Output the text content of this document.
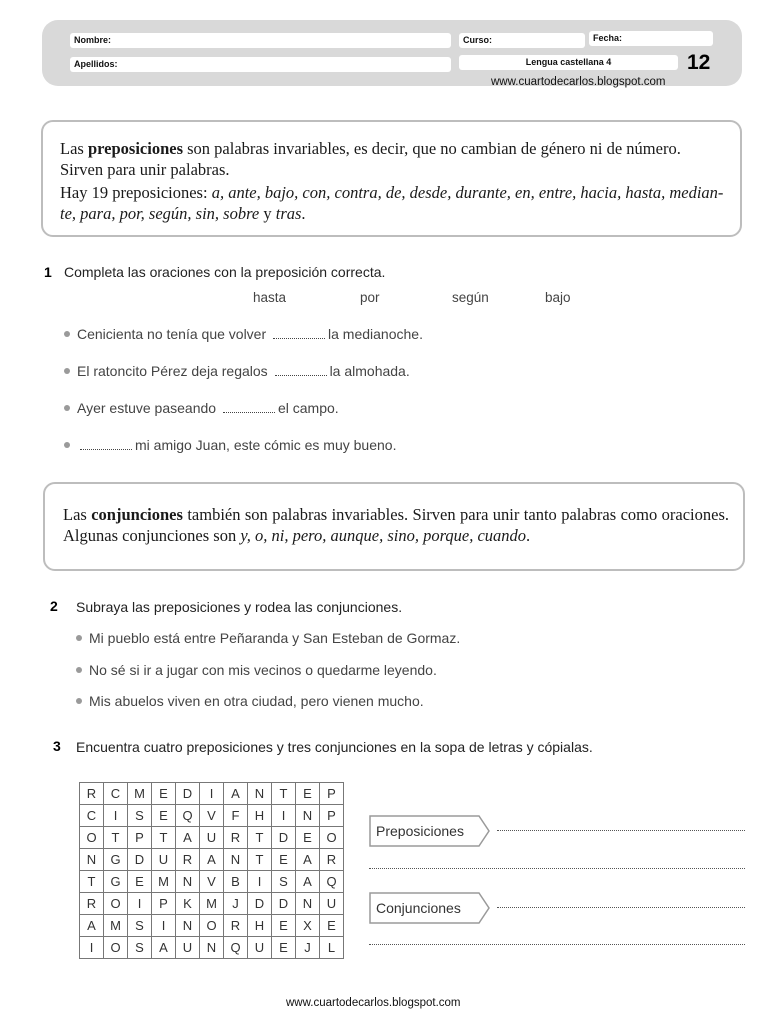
Nombre:
Apellidos:
Curso:	Fecha:
Lengua castellana 4	12
www.cuartodecarlos.blogspot.com
Las preposiciones son palabras invariables, es decir, que no cambian de género ni de número. Sirven para unir palabras.
Hay 19 preposiciones: a, ante, bajo, con, contra, de, desde, durante, en, entre, hacia, hasta, median-
te, para, por, según, sin, sobre y tras.
1 Completa las oraciones con la preposición correcta.
hasta	por	según	bajo
Cenicienta no tenía que volver	la medianoche.
El ratoncito Pérez deja regalos	la almohada.
Ayer estuve paseando	el campo.
mi amigo Juan, este cómic es muy bueno.
Las conjunciones también son palabras invariables. Sirven para unir tanto palabras como oraciones. Algunas conjunciones son y, o, ni, pero, aunque, sino, porque, cuando.
2 Subraya las preposiciones y rodea las conjunciones.
Mi pueblo está entre Peñaranda y San Esteban de Gormaz.
No sé si ir a jugar con mis vecinos o quedarme leyendo.
Mis abuelos viven en otra ciudad, pero vienen mucho.
3 Encuentra cuatro preposiciones y tres conjunciones en la sopa de letras y cópialas.
R	C	M	E	D	I	A	N	T	E	P
C	I	S	E	Q	V	F	H	I	N	P
O	T	P	T	A	U	R	T	D	E	O
N	G	D	U	R	A	N	T	E	A	R
T	G	E	M	N	V	B	I	S	A	Q
R	O	I	P	K	M	J	D	D	N	U
A	M	S	I	N	O	R	H	E	X	E
I	O	S	A	U	N	Q	U	E	J	L
Preposiciones
Conjunciones
www.cuartodecarlos.blogspot.com
